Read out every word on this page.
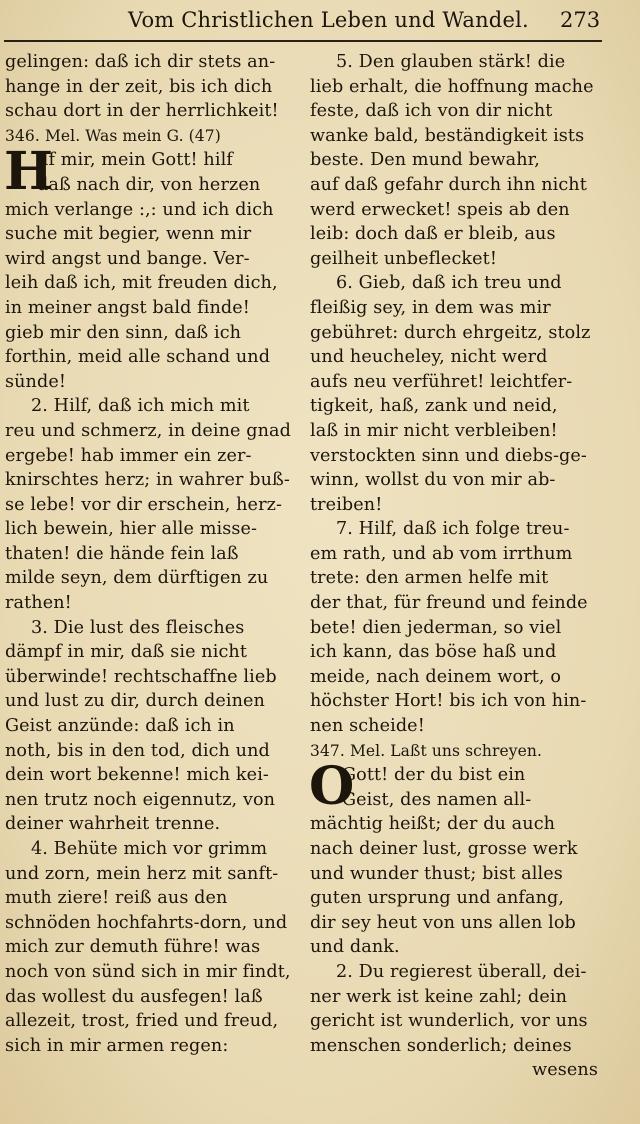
Vom Christlichen Leben und Wandel. 273
gelingen: daß ich dir stets an-
hange in der zeit, bis ich dich
schau dort in der herrlichkeit!
346. Mel. Was mein G. (47)
H
ilf mir, mein Gott! hilf
daß nach dir, von herzen
mich verlange :,: und ich dich
suche mit begier, wenn mir
wird angst und bange. Ver-
leih daß ich, mit freuden dich,
in meiner angst bald finde!
gieb mir den sinn, daß ich
forthin, meid alle schand und
sünde!
2. Hilf, daß ich mich mit
reu und schmerz, in deine gnad
ergebe! hab immer ein zer-
knirschtes herz; in wahrer buß-
se lebe! vor dir erschein, herz-
lich bewein, hier alle misse-
thaten! die hände fein laß
milde seyn, dem dürftigen zu
rathen!
3. Die lust des fleisches
dämpf in mir, daß sie nicht
überwinde! rechtschaffne lieb
und lust zu dir, durch deinen
Geist anzünde: daß ich in
noth, bis in den tod, dich und
dein wort bekenne! mich kei-
nen trutz noch eigennutz, von
deiner wahrheit trenne.
4. Behüte mich vor grimm
und zorn, mein herz mit sanft-
muth ziere! reiß aus den
schnöden hochfahrts-dorn, und
mich zur demuth führe! was
noch von sünd sich in mir findt,
das wollest du ausfegen! laß
allezeit, trost, fried und freud,
sich in mir armen regen:
5. Den glauben stärk! die
lieb erhalt, die hoffnung mache
feste, daß ich von dir nicht
wanke bald, beständigkeit ists
beste. Den mund bewahr,
auf daß gefahr durch ihn nicht
werd erwecket! speis ab den
leib: doch daß er bleib, aus
geilheit unbeflecket!
6. Gieb, daß ich treu und
fleißig sey, in dem was mir
gebühret: durch ehrgeitz, stolz
und heucheley, nicht werd
aufs neu verführet! leichtfer-
tigkeit, haß, zank und neid,
laß in mir nicht verbleiben!
verstockten sinn und diebs-ge-
winn, wollst du von mir ab-
treiben!
7. Hilf, daß ich folge treu-
em rath, und ab vom irrthum
trete: den armen helfe mit
der that, für freund und feinde
bete! dien jederman, so viel
ich kann, das böse haß und
meide, nach deinem wort, o
höchster Hort! bis ich von hin-
nen scheide!
347. Mel. Laßt uns schreyen.
O
Gott! der du bist ein
Geist, des namen all-
mächtig heißt; der du auch
nach deiner lust, grosse werk
und wunder thust; bist alles
guten ursprung und anfang,
dir sey heut von uns allen lob
und dank.
2. Du regierest überall, dei-
ner werk ist keine zahl; dein
gericht ist wunderlich, vor uns
menschen sonderlich; deines
wesens
